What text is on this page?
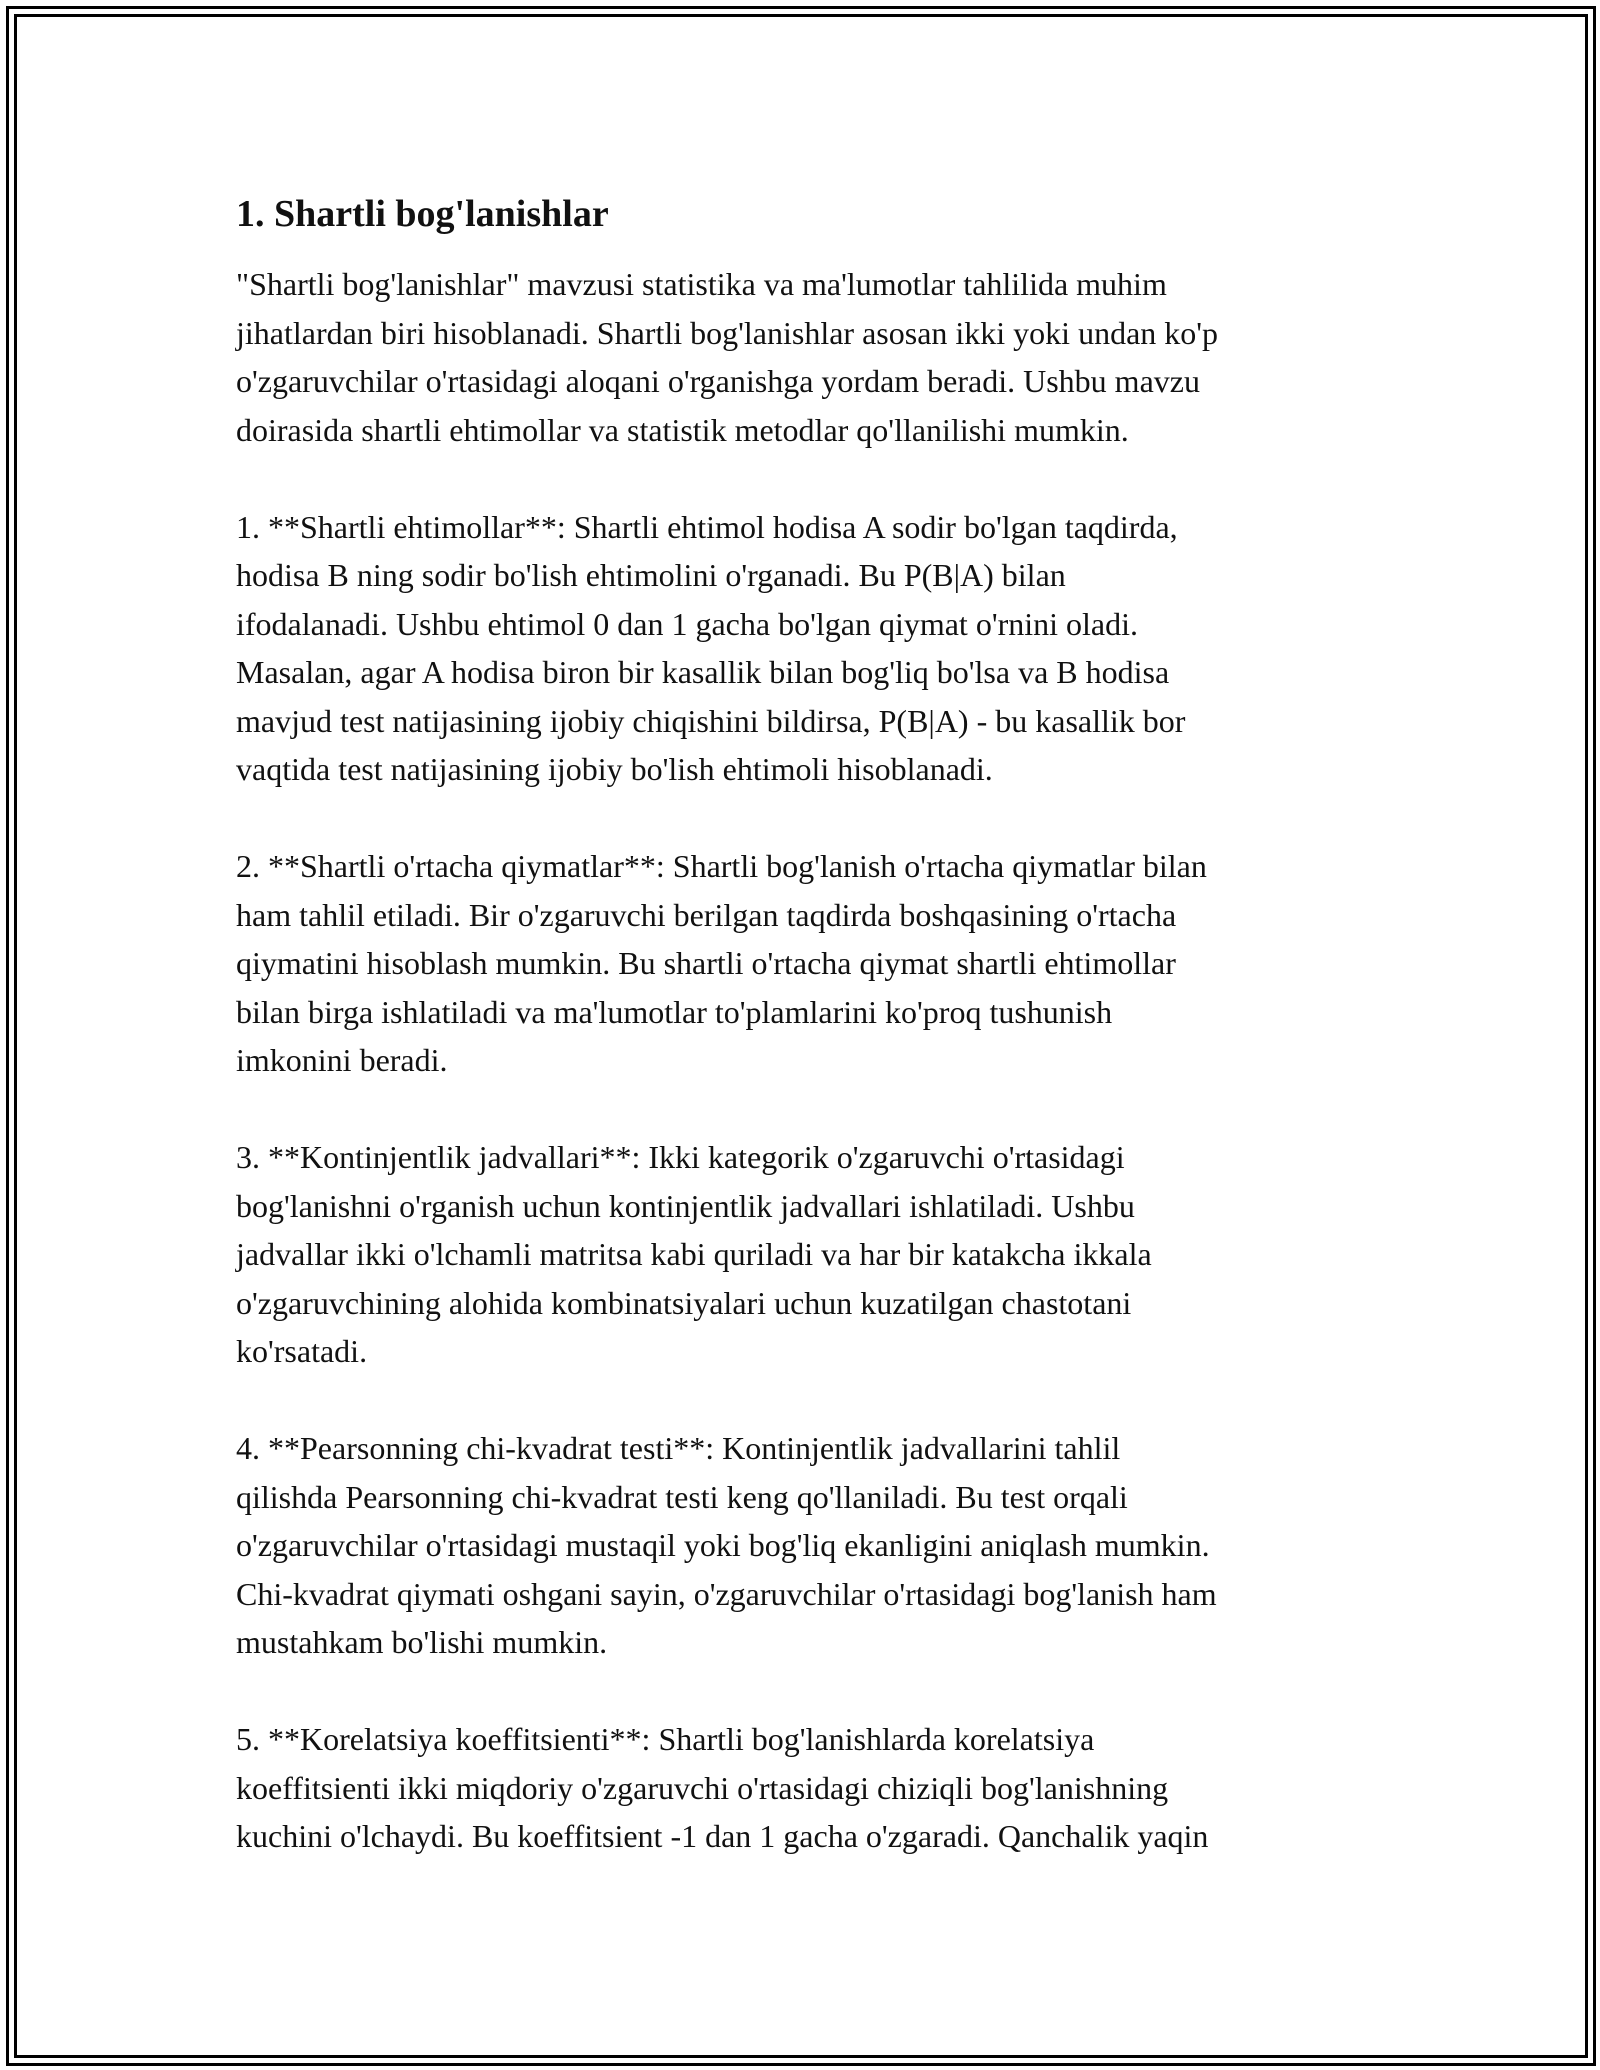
1. Shartli bog'lanishlar

"Shartli bog'lanishlar" mavzusi statistika va ma'lumotlar tahlilida muhim
jihatlardan biri hisoblanadi. Shartli bog'lanishlar asosan ikki yoki undan ko'p
o'zgaruvchilar o'rtasidagi aloqani o'rganishga yordam beradi. Ushbu mavzu
doirasida shartli ehtimollar va statistik metodlar qo'llanilishi mumkin.

1. **Shartli ehtimollar**: Shartli ehtimol hodisa A sodir bo'lgan taqdirda,
hodisa B ning sodir bo'lish ehtimolini o'rganadi. Bu P(B|A) bilan
ifodalanadi. Ushbu ehtimol 0 dan 1 gacha bo'lgan qiymat o'rnini oladi.
Masalan, agar A hodisa biron bir kasallik bilan bog'liq bo'lsa va B hodisa
mavjud test natijasining ijobiy chiqishini bildirsa, P(B|A) - bu kasallik bor
vaqtida test natijasining ijobiy bo'lish ehtimoli hisoblanadi.

2. **Shartli o'rtacha qiymatlar**: Shartli bog'lanish o'rtacha qiymatlar bilan
ham tahlil etiladi. Bir o'zgaruvchi berilgan taqdirda boshqasining o'rtacha
qiymatini hisoblash mumkin. Bu shartli o'rtacha qiymat shartli ehtimollar
bilan birga ishlatiladi va ma'lumotlar to'plamlarini ko'proq tushunish
imkonini beradi.

3. **Kontinjentlik jadvallari**: Ikki kategorik o'zgaruvchi o'rtasidagi
bog'lanishni o'rganish uchun kontinjentlik jadvallari ishlatiladi. Ushbu
jadvallar ikki o'lchamli matritsa kabi quriladi va har bir katakcha ikkala
o'zgaruvchining alohida kombinatsiyalari uchun kuzatilgan chastotani
ko'rsatadi.

4. **Pearsonning chi-kvadrat testi**: Kontinjentlik jadvallarini tahlil
qilishda Pearsonning chi-kvadrat testi keng qo'llaniladi. Bu test orqali
o'zgaruvchilar o'rtasidagi mustaqil yoki bog'liq ekanligini aniqlash mumkin.
Chi-kvadrat qiymati oshgani sayin, o'zgaruvchilar o'rtasidagi bog'lanish ham
mustahkam bo'lishi mumkin.

5. **Korelatsiya koeffitsienti**: Shartli bog'lanishlarda korelatsiya
koeffitsienti ikki miqdoriy o'zgaruvchi o'rtasidagi chiziqli bog'lanishning
kuchini o'lchaydi. Bu koeffitsient -1 dan 1 gacha o'zgaradi. Qanchalik yaqin
